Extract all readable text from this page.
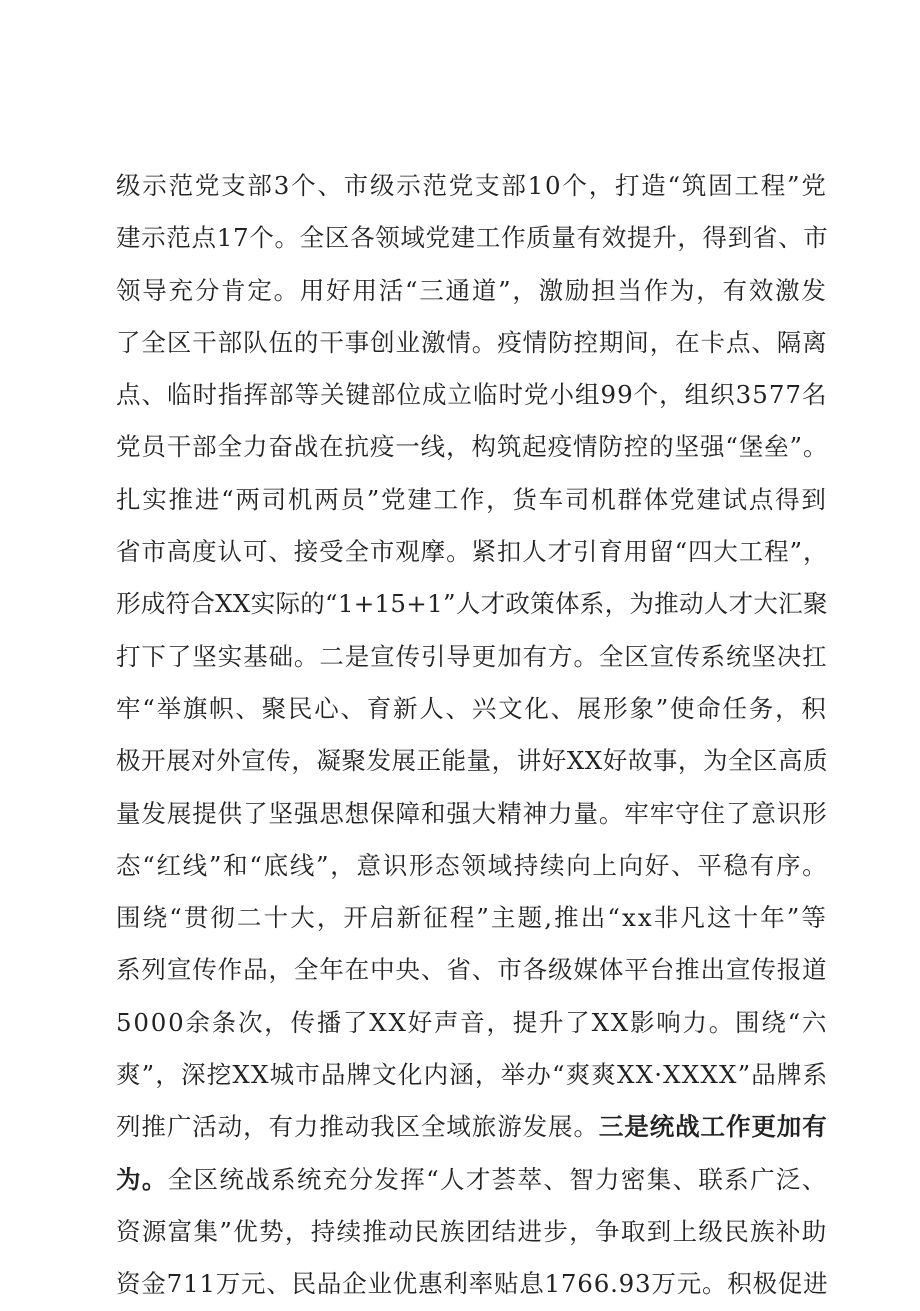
级示范党支部3个、市级示范党支部10个，打造“筑固工程”党
建示范点17个。全区各领域党建工作质量有效提升，得到省、市
领导充分肯定。用好用活“三通道”，激励担当作为，有效激发
了全区干部队伍的干事创业激情。疫情防控期间，在卡点、隔离
点、临时指挥部等关键部位成立临时党小组99个，组织3577名
党员干部全力奋战在抗疫一线，构筑起疫情防控的坚强“堡垒”。
扎实推进“两司机两员”党建工作，货车司机群体党建试点得到
省市高度认可、接受全市观摩。紧扣人才引育用留“四大工程”，
形成符合XX实际的“1+15+1”人才政策体系，为推动人才大汇聚
打下了坚实基础。二是宣传引导更加有方。全区宣传系统坚决扛
牢“举旗帜、聚民心、育新人、兴文化、展形象”使命任务，积
极开展对外宣传，凝聚发展正能量，讲好XX好故事，为全区高质
量发展提供了坚强思想保障和强大精神力量。牢牢守住了意识形
态“红线”和“底线”，意识形态领域持续向上向好、平稳有序。
围绕“贯彻二十大，开启新征程”主题,推出“xx非凡这十年”等
系列宣传作品，全年在中央、省、市各级媒体平台推出宣传报道
5000余条次，传播了XX好声音，提升了XX影响力。围绕“六
爽”，深挖XX城市品牌文化内涵，举办“爽爽XX·XXXX”品牌系
列推广活动，有力推动我区全域旅游发展。三是统战工作更加有
为。全区统战系统充分发挥“人才荟萃、智力密集、联系广泛、
资源富集”优势，持续推动民族团结进步，争取到上级民族补助
资金711万元、民品企业优惠利率贴息1766.93万元。积极促进
